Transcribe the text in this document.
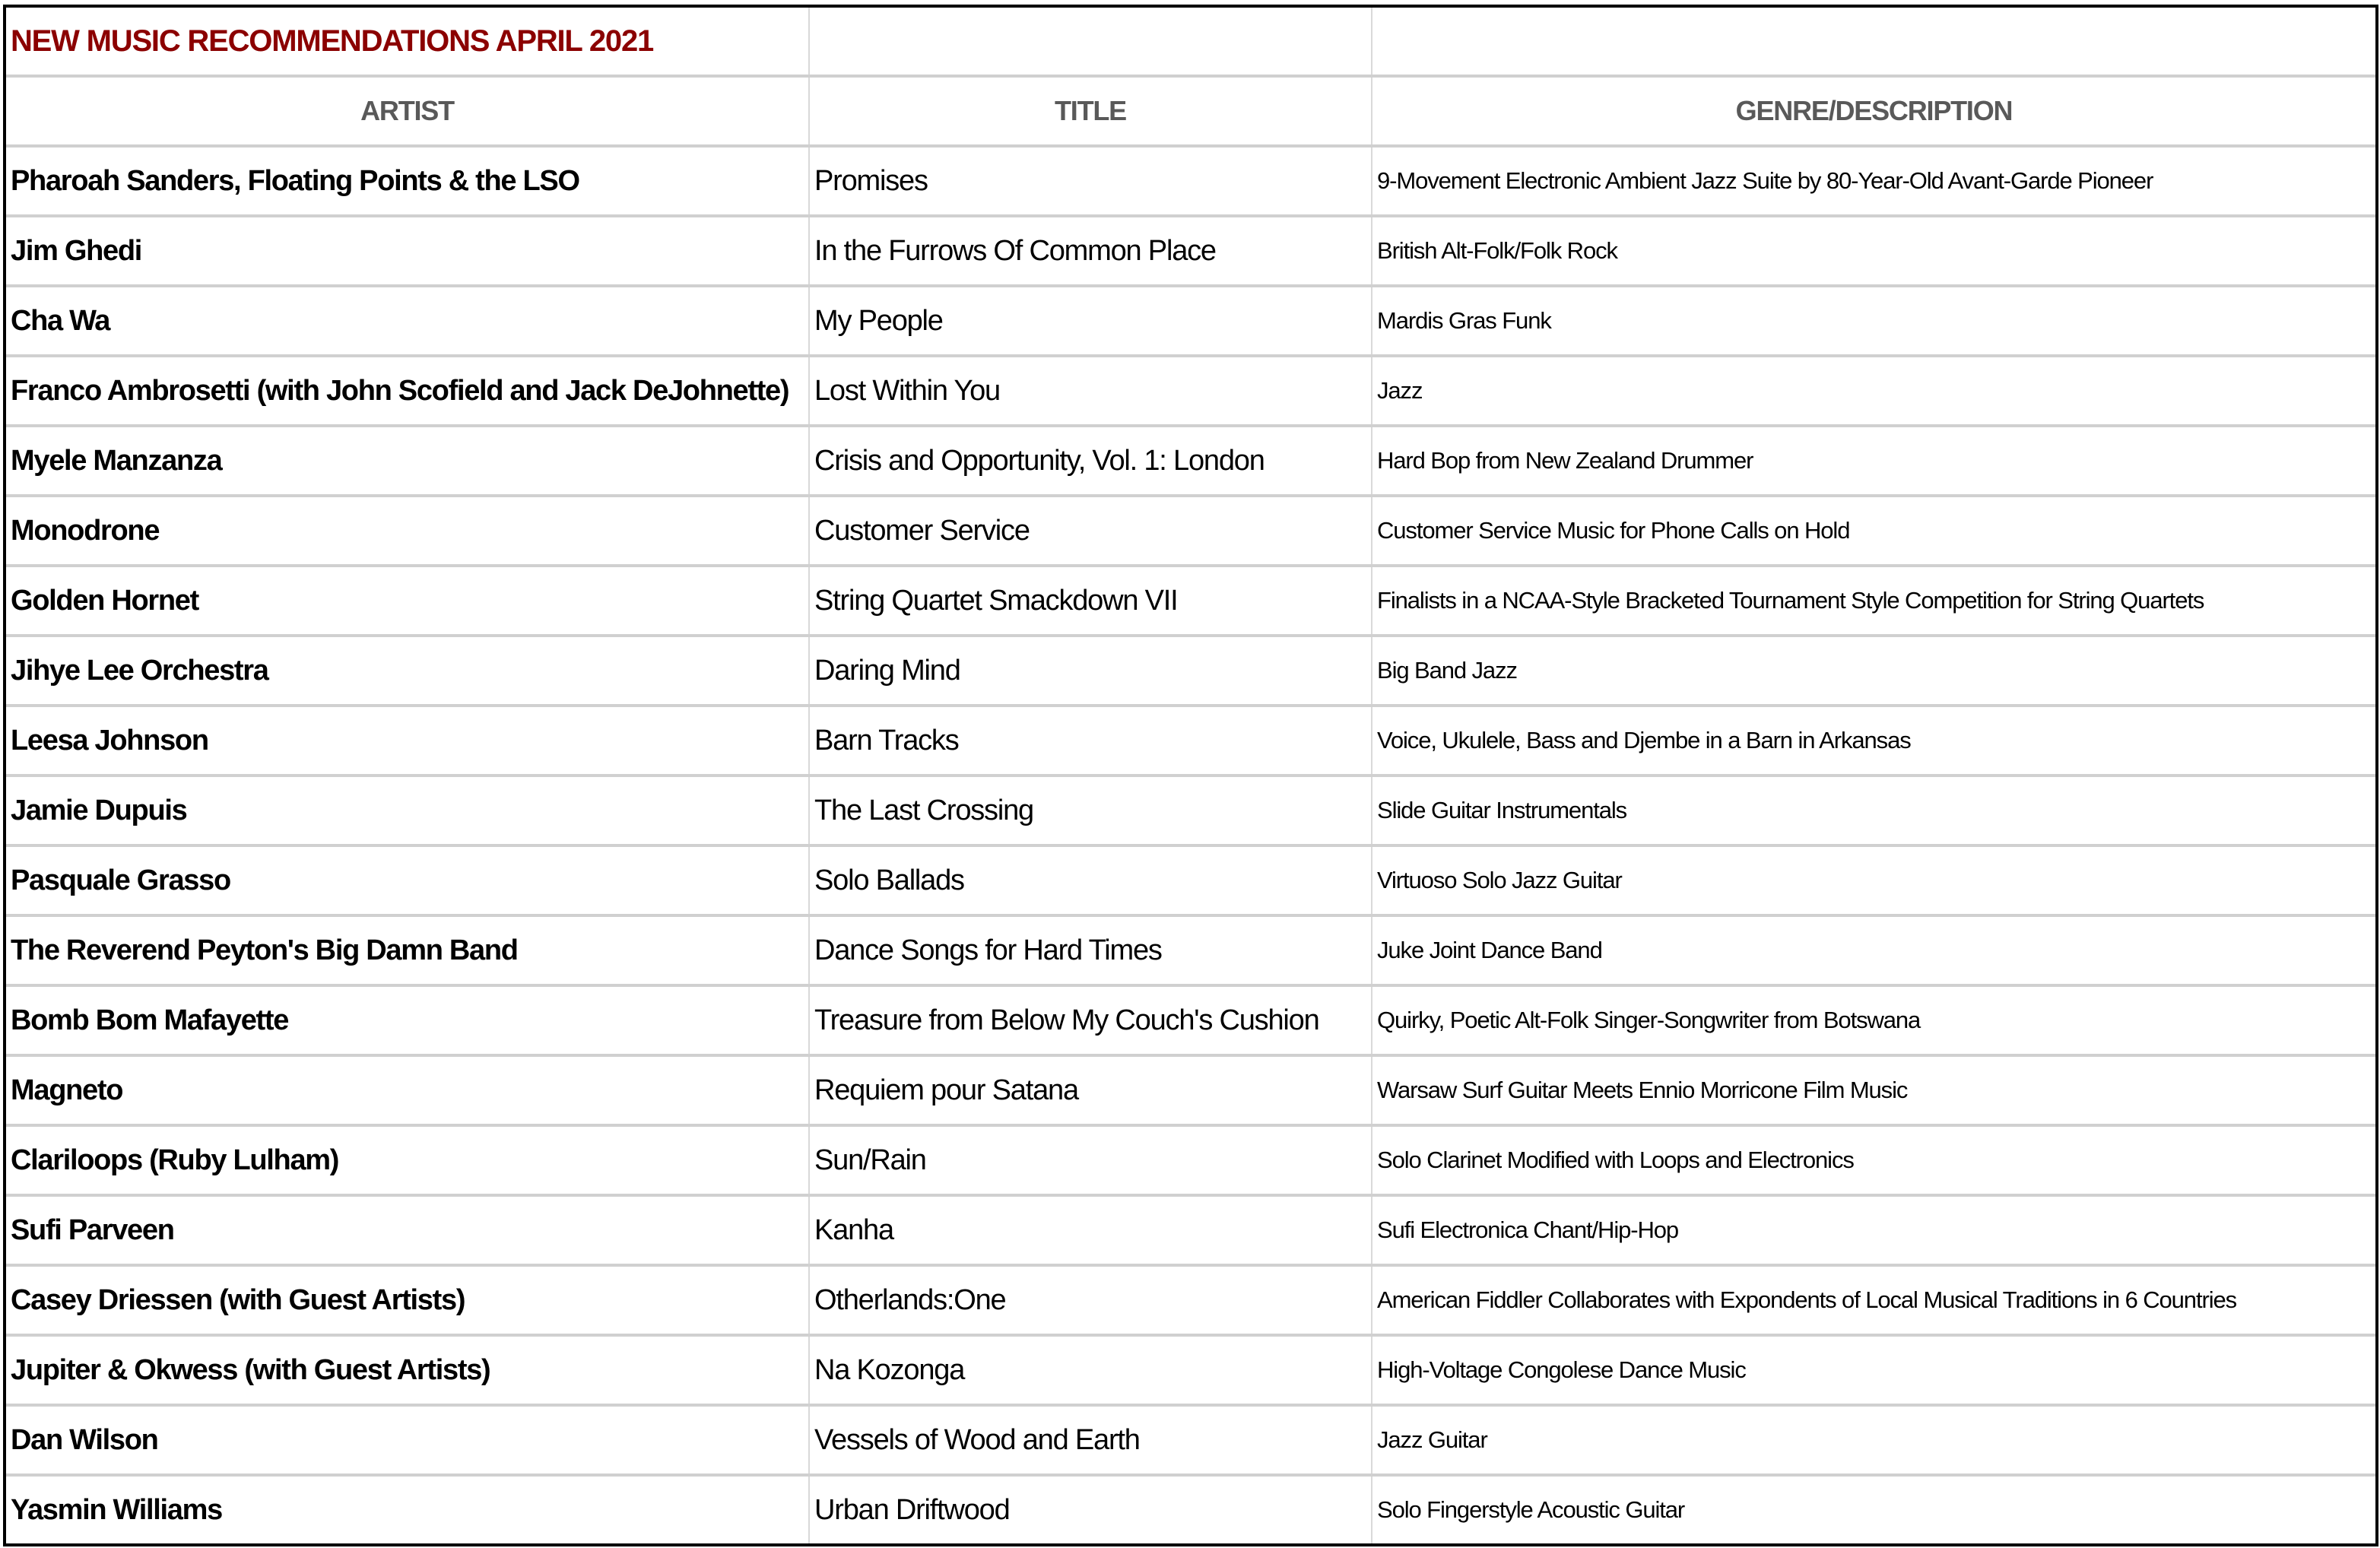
NEW MUSIC RECOMMENDATIONS APRIL 2021		
ARTIST	TITLE	GENRE/DESCRIPTION
Pharoah Sanders, Floating Points & the LSO	Promises	9-Movement Electronic Ambient Jazz Suite by 80-Year-Old Avant-Garde Pioneer
Jim Ghedi	In the Furrows Of Common Place	British Alt-Folk/Folk Rock
Cha Wa	My People	Mardis Gras Funk
Franco Ambrosetti (with John Scofield and Jack DeJohnette)	Lost Within You	Jazz
Myele Manzanza	Crisis and Opportunity, Vol. 1: London	Hard Bop from New Zealand Drummer
Monodrone	Customer Service	Customer Service Music for Phone Calls on Hold
Golden Hornet	String Quartet Smackdown VII	Finalists in a NCAA-Style Bracketed Tournament Style Competition for String Quartets
Jihye Lee Orchestra	Daring Mind	Big Band Jazz
Leesa Johnson	Barn Tracks	Voice, Ukulele, Bass and Djembe in a Barn in Arkansas
Jamie Dupuis	The Last Crossing	Slide Guitar Instrumentals
Pasquale Grasso	Solo Ballads	Virtuoso Solo Jazz Guitar
The Reverend Peyton's Big Damn Band	Dance Songs for Hard Times	Juke Joint Dance Band
Bomb Bom Mafayette	Treasure from Below My Couch's Cushion	Quirky, Poetic Alt-Folk Singer-Songwriter from Botswana
Magneto	Requiem pour Satana	Warsaw Surf Guitar Meets Ennio Morricone Film Music
Clariloops (Ruby Lulham)	Sun/Rain	Solo Clarinet Modified with Loops and Electronics
Sufi Parveen	Kanha	Sufi Electronica Chant/Hip-Hop
Casey Driessen (with Guest Artists)	Otherlands:One	American Fiddler Collaborates with Expondents of Local Musical Traditions in 6 Countries
Jupiter & Okwess (with Guest Artists)	Na Kozonga	High-Voltage Congolese Dance Music
Dan Wilson	Vessels of Wood and Earth	Jazz Guitar
Yasmin Williams	Urban Driftwood	Solo Fingerstyle Acoustic Guitar
